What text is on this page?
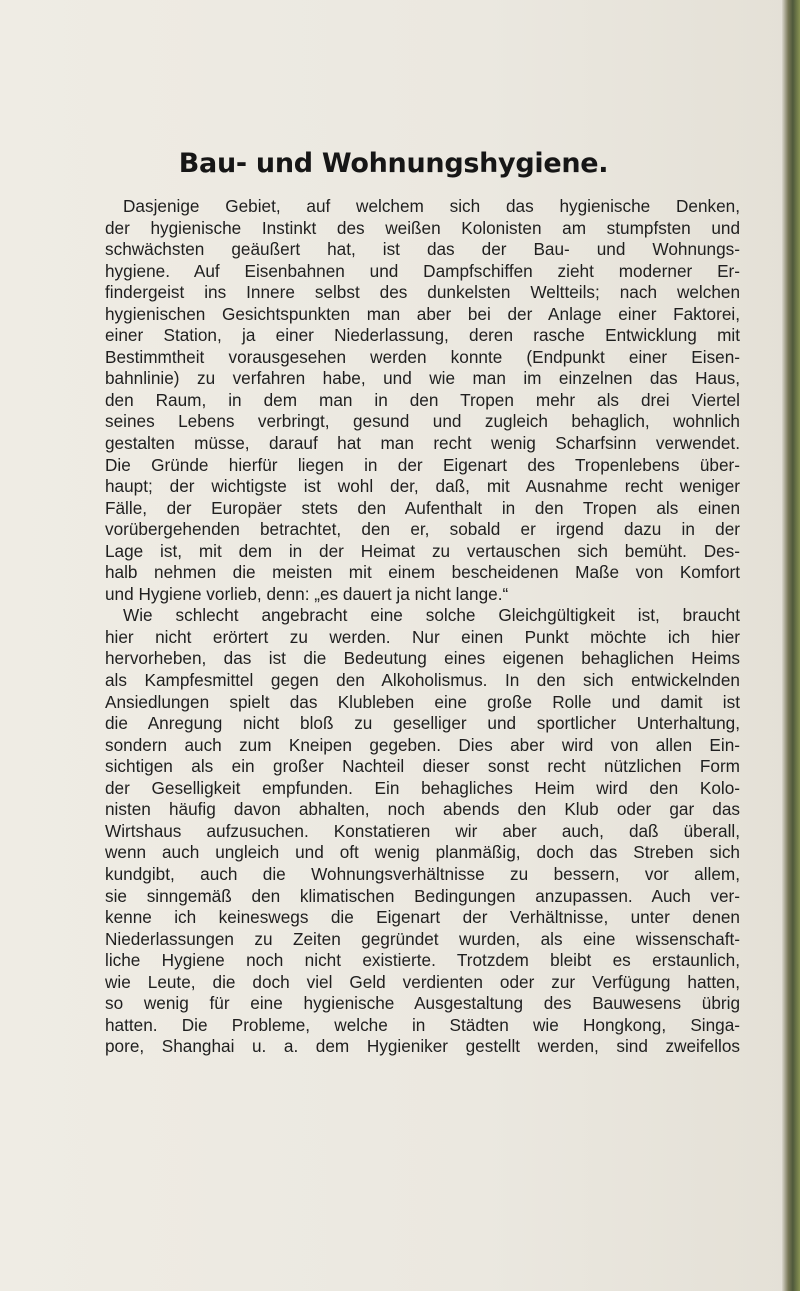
Bau- und Wohnungshygiene.
Dasjenige Gebiet, auf welchem sich das hygienische Denken,
der hygienische Instinkt des weißen Kolonisten am stumpfsten und
schwächsten geäußert hat, ist das der Bau- und Wohnungs-
hygiene. Auf Eisenbahnen und Dampfschiffen zieht moderner Er-
findergeist ins Innere selbst des dunkelsten Weltteils; nach welchen
hygienischen Gesichtspunkten man aber bei der Anlage einer Faktorei,
einer Station, ja einer Niederlassung, deren rasche Entwicklung mit
Bestimmtheit vorausgesehen werden konnte (Endpunkt einer Eisen-
bahnlinie) zu verfahren habe, und wie man im einzelnen das Haus,
den Raum, in dem man in den Tropen mehr als drei Viertel
seines Lebens verbringt, gesund und zugleich behaglich, wohnlich
gestalten müsse, darauf hat man recht wenig Scharfsinn verwendet.
Die Gründe hierfür liegen in der Eigenart des Tropenlebens über-
haupt; der wichtigste ist wohl der, daß, mit Ausnahme recht weniger
Fälle, der Europäer stets den Aufenthalt in den Tropen als einen
vorübergehenden betrachtet, den er, sobald er irgend dazu in der
Lage ist, mit dem in der Heimat zu vertauschen sich bemüht. Des-
halb nehmen die meisten mit einem bescheidenen Maße von Komfort
und Hygiene vorlieb, denn: „es dauert ja nicht lange.“
Wie schlecht angebracht eine solche Gleichgültigkeit ist, braucht
hier nicht erörtert zu werden. Nur einen Punkt möchte ich hier
hervorheben, das ist die Bedeutung eines eigenen behaglichen Heims
als Kampfesmittel gegen den Alkoholismus. In den sich entwickelnden
Ansiedlungen spielt das Klubleben eine große Rolle und damit ist
die Anregung nicht bloß zu geselliger und sportlicher Unterhaltung,
sondern auch zum Kneipen gegeben. Dies aber wird von allen Ein-
sichtigen als ein großer Nachteil dieser sonst recht nützlichen Form
der Geselligkeit empfunden. Ein behagliches Heim wird den Kolo-
nisten häufig davon abhalten, noch abends den Klub oder gar das
Wirtshaus aufzusuchen. Konstatieren wir aber auch, daß überall,
wenn auch ungleich und oft wenig planmäßig, doch das Streben sich
kundgibt, auch die Wohnungsverhältnisse zu bessern, vor allem,
sie sinngemäß den klimatischen Bedingungen anzupassen. Auch ver-
kenne ich keineswegs die Eigenart der Verhältnisse, unter denen
Niederlassungen zu Zeiten gegründet wurden, als eine wissenschaft-
liche Hygiene noch nicht existierte. Trotzdem bleibt es erstaunlich,
wie Leute, die doch viel Geld verdienten oder zur Verfügung hatten,
so wenig für eine hygienische Ausgestaltung des Bauwesens übrig
hatten. Die Probleme, welche in Städten wie Hongkong, Singa-
pore, Shanghai u. a. dem Hygieniker gestellt werden, sind zweifellos
